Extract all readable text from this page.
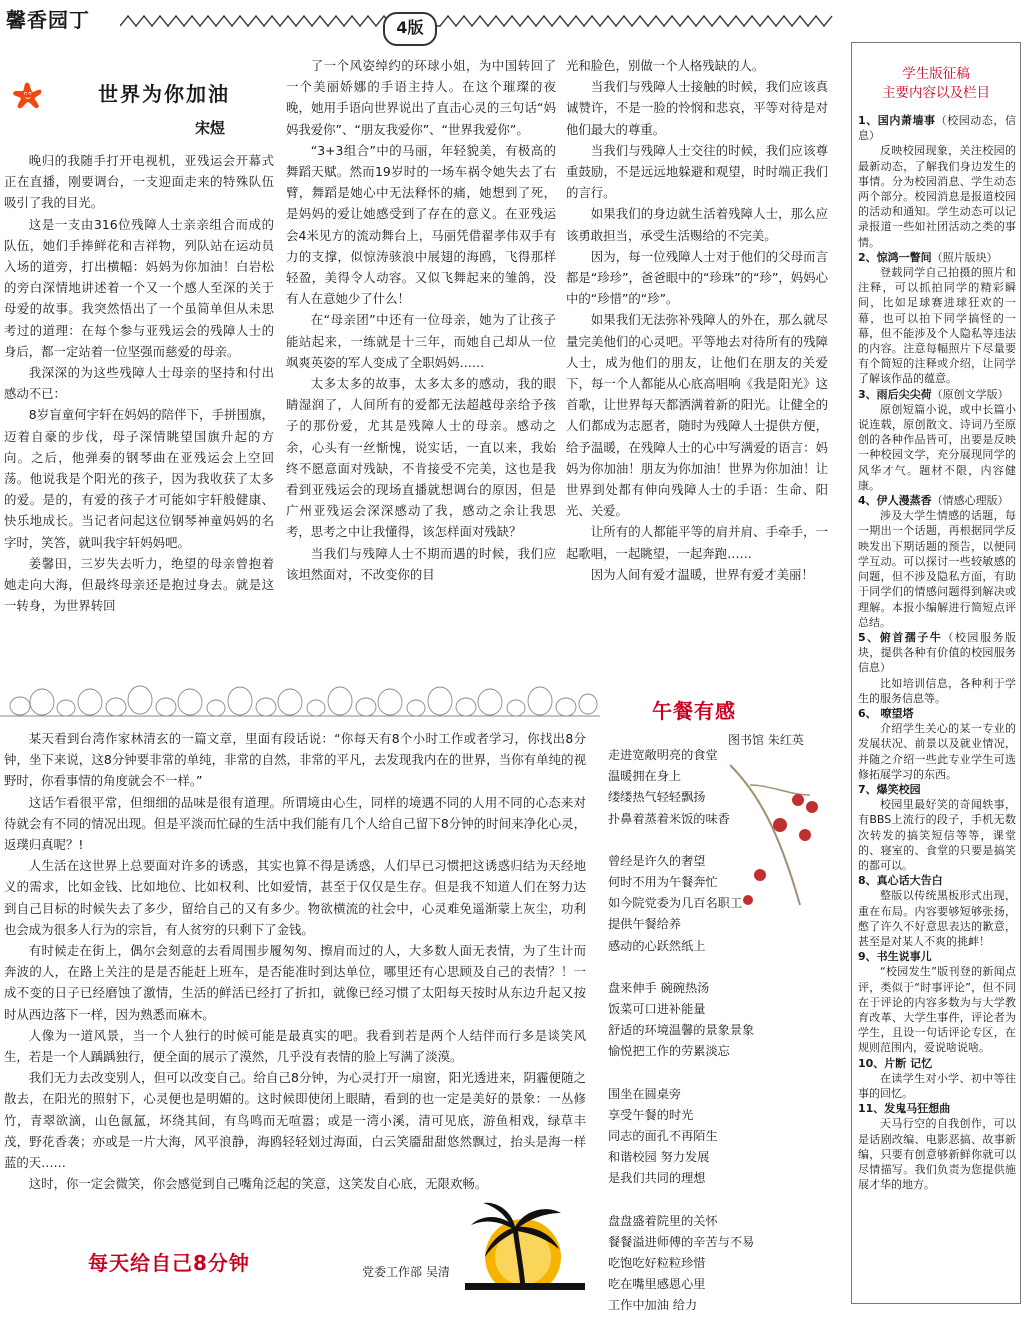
馨香园丁	4版
世界为你加油
宋煜

晚归的我随手打开电视机，亚残运会开幕式正在直播，刚要调台，一支迎面走来的特殊队伍吸引了我的目光。

这是一支由316位残障人士亲亲组合而成的队伍，她们手捧鲜花和吉祥物，列队站在运动员入场的道旁，打出横幅：妈妈为你加油！白岩松的旁白深情地讲述着一个又一个感人至深的关于母爱的故事。我突然悟出了一个虽简单但从未思考过的道理：在每个参与亚残运会的残障人士的身后，都一定站着一位坚强而慈爱的母亲。

我深深的为这些残障人士母亲的坚持和付出感动不已：

8岁盲童何宇轩在妈妈的陪伴下，手拼围旗，迈着自豪的步伐，母子深情眺望国旗升起的方向。之后，他弹奏的钢琴曲在亚残运会上空回荡。他说我是个阳光的孩子，因为我收获了太多的爱。是的，有爱的孩子才可能如宇轩般健康、快乐地成长。当记者问起这位钢琴神童妈妈的名字时，笑答，就叫我宇轩妈妈吧。

姜馨田，三岁失去听力，绝望的母亲曾抱着她走向大海，但最终母亲还是抱过身去。就是这一转身，为世界转回

了一个风姿绰约的环球小姐，为中国转回了一个美丽娇娜的手语主持人。在这个璀璨的夜晚，她用手语向世界说出了直击心灵的三句话“妈妈我爱你”、“朋友我爱你”、“世界我爱你”。

“3+3组合”中的马丽，年轻貌美，有极高的舞蹈天赋。然而19岁时的一场车祸令她失去了右臂，舞蹈是她心中无法释怀的痛，她想到了死，是妈妈的爱让她感受到了存在的意义。在亚残运会4米见方的流动舞台上，马丽凭借翟孝伟双手有力的支撑，似惊涛骇浪中展翅的海鸥，飞得那样轻盈，美得令人动容。又似飞舞起来的雏鸽，没有人在意她少了什么！

在“母亲团”中还有一位母亲，她为了让孩子能站起来，一练就是十三年，而她自己却从一位飒爽英姿的军人变成了全职妈妈……

太多太多的故事，太多太多的感动，我的眼睛湿润了，人间所有的爱都无法超越母亲给予孩子的那份爱，尤其是残障人士的母亲。感动之余，心头有一丝惭愧，说实话，一直以来，我始终不愿意面对残缺，不肯接受不完美，这也是我看到亚残运会的现场直播就想调台的原因，但是广州亚残运会深深感动了我，感动之余让我思考，思考之中让我懂得，该怎样面对残缺？

当我们与残障人士不期而遇的时候，我们应该坦然面对，不改变你的目

光和脸色，别做一个人格残缺的人。

当我们与残障人士接触的时候，我们应该真诚赞许，不是一脸的怜悯和悲哀，平等对待是对他们最大的尊重。

当我们与残障人士交往的时候，我们应该尊重鼓励，不是远远地躲避和观望，时时端正我们的言行。

如果我们的身边就生活着残障人士，那么应该勇敢担当，承受生活赐给的不完美。

因为，每一位残障人士对于他们的父母而言都是“珍珍”，爸爸眼中的“珍珠”的“珍”，妈妈心中的“珍惜”的“珍”。

如果我们无法弥补残障人的外在，那么就尽量完美他们的心灵吧。平等地去对待所有的残障人士，成为他们的朋友，让他们在朋友的关爱下，每一个人都能从心底高唱响《我是阳光》这首歌，让世界每天都洒满着新的阳光。让健全的人们都成为志愿者，随时为残障人士提供方便，给予温暖，在残障人士的心中写满爱的语言：妈妈为你加油！朋友为你加油！世界为你加油！让世界到处都有伸向残障人士的手语：生命、阳光、关爱。

让所有的人都能平等的肩并肩、手牵手，一起歌唱，一起眺望，一起奔跑……

因为人间有爱才温暖，世界有爱才美丽！

某天看到台湾作家林清玄的一篇文章，里面有段话说：“你每天有8个小时工作或者学习，你找出8分钟，坐下来说，这8分钟要非常的单纯，非常的自然，非常的平凡，去发现我内在的世界，当你有单纯的视野时，你看事情的角度就会不一样。”

这话乍看很平常，但细细的品味是很有道理。所谓境由心生，同样的境遇不同的人用不同的心态来对待就会有不同的情况出现。但是平淡而忙碌的生活中我们能有几个人给自己留下8分钟的时间来净化心灵，返璞归真呢？!

人生活在这世界上总要面对许多的诱惑，其实也算不得是诱惑，人们早已习惯把这诱惑归结为天经地义的需求，比如金钱、比如地位、比如权利、比如爱情，甚至于仅仅是生存。但是我不知道人们在努力达到自己目标的时候失去了多少，留给自己的又有多少。物欲横流的社会中，心灵难免遥渐蒙上灰尘，功利也会成为很多人行为的宗旨，有人贫穷的只剩下了金钱。

有时候走在街上，偶尔会刻意的去看周围步履匆匆、擦肩而过的人，大多数人面无表情，为了生计而奔波的人，在路上关注的是是否能赶上班车，是否能准时到达单位，哪里还有心思顾及自己的表情？！一成不变的日子已经磨蚀了激情，生活的鲜活已经打了折扣，就像已经习惯了太阳每天按时从东边升起又按时从西边落下一样，因为熟悉而麻木。

人像为一道风景，当一个人独行的时候可能是最真实的吧。我看到若是两个人结伴而行多是谈笑风生，若是一个人踽踽独行，便全面的展示了漠然，几乎没有表情的脸上写满了淡漠。

我们无力去改变别人，但可以改变自己。给自己8分钟，为心灵打开一扇窗，阳光透进来，阴霾便随之散去，在阳光的照射下，心灵便也是明媚的。这时候即使闭上眼睛，看到的也一定是美好的景象：一丛修竹，青翠欲滴，山色氤氲，坏绕其间，有鸟鸣而无喧嚣；或是一湾小溪，清可见底，游鱼相戏，绿草丰茂，野花香袭；亦或是一片大海，风平浪静，海鸥轻轻划过海面，白云笑靥甜甜悠然飘过，抬头是海一样蓝的天……

这时，你一定会微笑，你会感觉到自己嘴角泛起的笑意，这笑发自心底，无限欢畅。

每天给自己8分钟	党委工作部 吴清
午餐有感
图书馆 朱红英
走进宽敞明亮的食堂
温暖拥在身上
缕缕热气轻轻飘扬
扑鼻着蒸着米饭的味香
曾经是许久的奢望
何时不用为午餐奔忙
如今院党委为几百名职工
提供午餐给养
感动的心跃然纸上
盘来伸手 碗碗热汤
饭菜可口进补能量
舒适的环境温馨的景象景象
愉悦把工作的劳累淡忘
围坐在圆桌旁
享受午餐的时光
同志的面孔不再陌生
和谐校园 努力发展
是我们共同的理想
盘盘盛着院里的关怀
餐餐溢进师傅的辛苦与不易
吃饱吃好粒粒珍惜
吃在嘴里感恩心里
工作中加油 给力
学生版征稿
主要内容以及栏目

1、国内萧墙事（校园动态，信息）

反映校园现象，关注校园的最新动态，了解我们身边发生的事情。分为校园消息、学生动态两个部分。校园消息是报道校园的活动和通知。学生动态可以记录报道一些如社团活动之类的事情。

2、惊鸿一瞥间（照片版块）

登载同学自己拍摄的照片和注释，可以抓拍同学的精彩瞬间，比如足球赛进球狂欢的一幕，也可以拍下同学搞怪的一幕，但不能涉及个人隐私等违法的内容。注意每幅照片下尽量要有个简短的注释或介绍，让同学了解该作品的蕴意。

3、雨后尖尖荷（原创文学版）

原创短篇小说，或中长篇小说连载，原创散文、诗词乃至原创的各种作品皆可，出要是反映一种校园文学，充分展现同学的风华才气。题材不限，内容健康。

4、伊人漫蒸香（情感心理版）

涉及大学生情感的话题，每一期出一个话题，再根据同学反映发出下期话题的预告，以便同学互动。可以探讨一些较敏感的问题，但不涉及隐私方面，有助于同学们的情感问题得到解决或理解。本报小编解进行简短点评总结。

5、俯首孺子牛（校园服务版块，提供各种有价值的校园服务信息）

比如培训信息，各种利于学生的服务信息等。

6、 嘹望塔

介绍学生关心的某一专业的发展状况、前景以及就业情况，并随之介绍一些此专业学生可选修拓展学习的东西。

7、爆笑校园

校园里最好笑的奇闻轶事，有BBS上流行的段子，手机无数次转发的搞笑短信等等，课堂的、寝室的、食堂的只要是搞笑的都可以。

8、真心话大告白

整版以传统黑板形式出现，重在布局。内容要够短够张扬，憋了许久不好意思表达的歉意，甚至是对某人不爽的挑衅！

9、书生说事儿

“校园发生”版刊登的新闻点评，类似于“时事评论”，但不同在于评论的内容多数为与大学教育改革、大学生事件，评论者为学生，且设一句话评论专区，在规则范围内，爱说啥说啥。

10、片断 记忆

在读学生对小学、初中等往事的回忆。

11、发鬼马狂想曲

天马行空的自我创作，可以是话剧改编、电影恶搞、故事新编，只要有创意够新鲜你就可以尽情描写。我们负责为您提供施展才华的地方。
